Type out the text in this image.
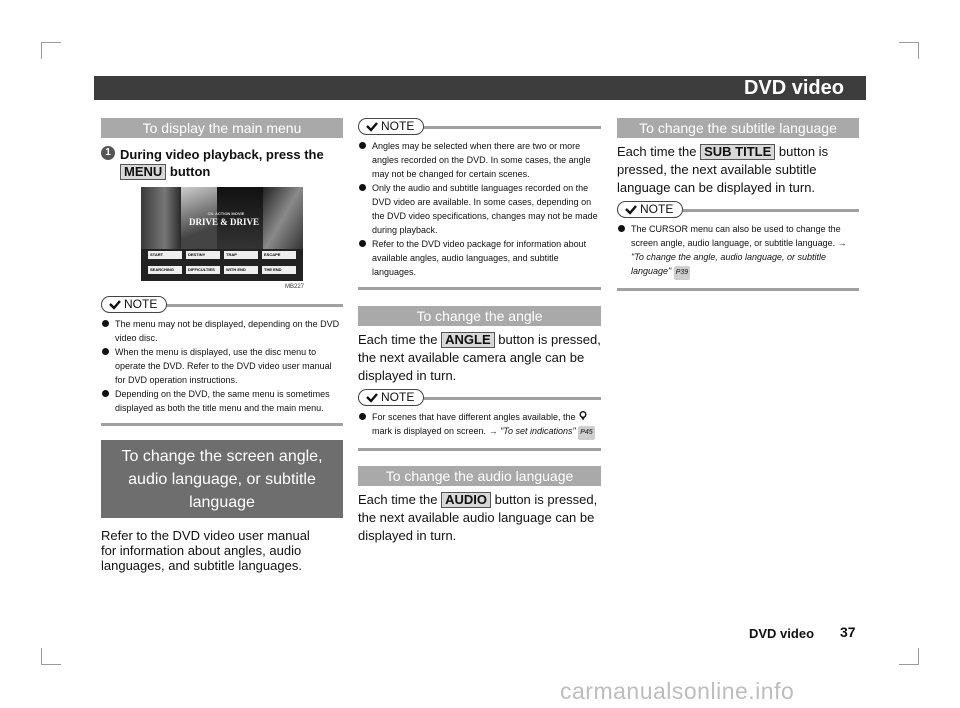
DVD video
To display the main menu
1 During video playback, press the
MENU button
CIL ACTION MOVIE
DRIVE & DRIVE
START	DESTINY	TRAP	ESCAPE
SEARCHING	DIFFICULTIES	WITH END	THE END
MB227
NOTE
The menu may not be displayed, depending on the DVD video disc.
When the menu is displayed, use the disc menu to operate the DVD. Refer to the DVD video user manual for DVD operation instructions.
Depending on the DVD, the same menu is sometimes displayed as both the title menu and the main menu.
To change the screen angle, audio language, or subtitle language
Refer to the DVD video user manual for information about angles, audio languages, and subtitle languages.
NOTE
Angles may be selected when there are two or more angles recorded on the DVD. In some cases, the angle may not be changed for certain scenes.
Only the audio and subtitle languages recorded on the DVD video are available. In some cases, depending on the DVD video specifications, changes may not be made during playback.
Refer to the DVD video package for information about available angles, audio languages, and subtitle languages.
To change the angle
Each time the ANGLE button is pressed, the next available camera angle can be displayed in turn.
NOTE
For scenes that have different angles available, the  mark is displayed on screen. → "To set indications" P45
To change the audio language
Each time the AUDIO button is pressed, the next available audio language can be displayed in turn.
To change the subtitle language
Each time the SUB TITLE button is pressed, the next available subtitle language can be displayed in turn.
NOTE
The CURSOR menu can also be used to change the screen angle, audio language, or subtitle language. → "To change the angle, audio language, or subtitle language" P39
DVD video 37
carmanualsonline.info
